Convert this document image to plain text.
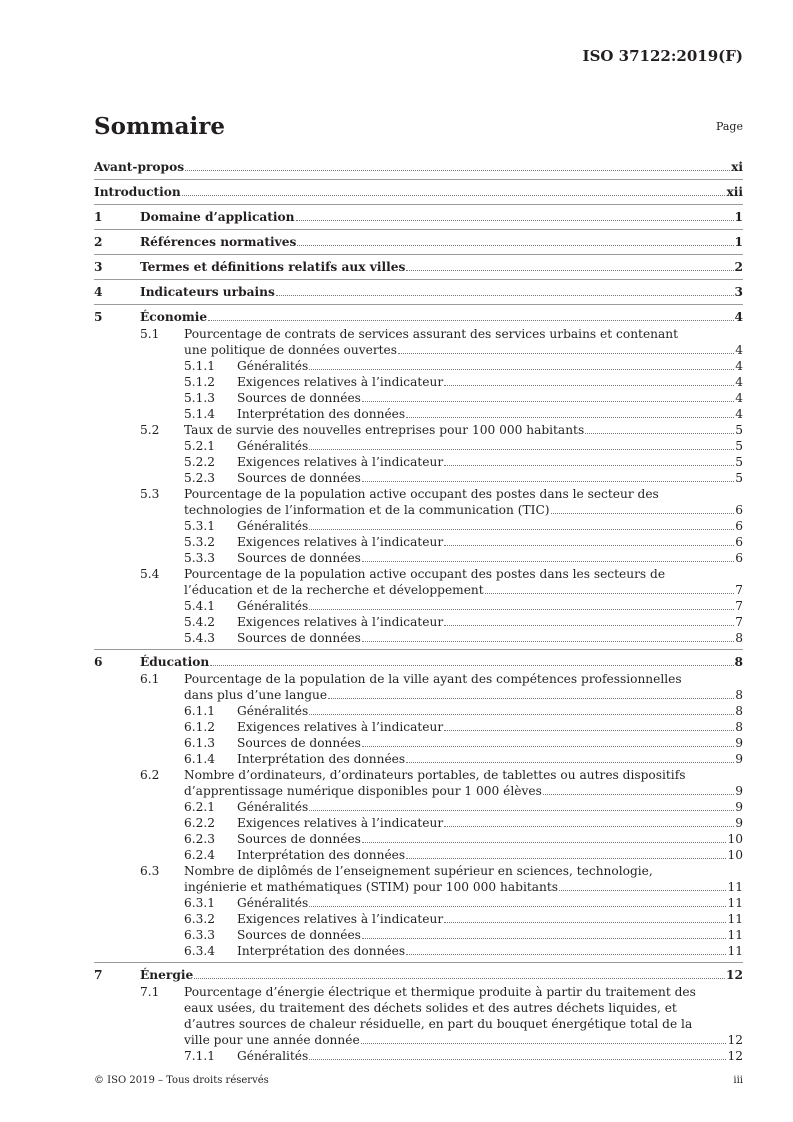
ISO 37122:2019(F)
Sommaire	Page
Avant-propos	xi
Introduction	xii
1	Domaine d’application	1
2	Références normatives	1
3	Termes et définitions relatifs aux villes	2
4	Indicateurs urbains	3
5	Économie	4
5.1	Pourcentage de contrats de services assurant des services urbains et contenant
une politique de données ouvertes	4
5.1.1	Généralités	4
5.1.2	Exigences relatives à l’indicateur	4
5.1.3	Sources de données	4
5.1.4	Interprétation des données	4
5.2	Taux de survie des nouvelles entreprises pour 100 000 habitants	5
5.2.1	Généralités	5
5.2.2	Exigences relatives à l’indicateur	5
5.2.3	Sources de données	5
5.3	Pourcentage de la population active occupant des postes dans le secteur des
technologies de l’information et de la communication (TIC)	6
5.3.1	Généralités	6
5.3.2	Exigences relatives à l’indicateur	6
5.3.3	Sources de données	6
5.4	Pourcentage de la population active occupant des postes dans les secteurs de
l’éducation et de la recherche et développement	7
5.4.1	Généralités	7
5.4.2	Exigences relatives à l’indicateur	7
5.4.3	Sources de données	8
6	Éducation	8
6.1	Pourcentage de la population de la ville ayant des compétences professionnelles
dans plus d’une langue	8
6.1.1	Généralités	8
6.1.2	Exigences relatives à l’indicateur	8
6.1.3	Sources de données	9
6.1.4	Interprétation des données	9
6.2	Nombre d’ordinateurs, d’ordinateurs portables, de tablettes ou autres dispositifs
d’apprentissage numérique disponibles pour 1 000 élèves	9
6.2.1	Généralités	9
6.2.2	Exigences relatives à l’indicateur	9
6.2.3	Sources de données	10
6.2.4	Interprétation des données	10
6.3	Nombre de diplômés de l’enseignement supérieur en sciences, technologie,
ingénierie et mathématiques (STIM) pour 100 000 habitants	11
6.3.1	Généralités	11
6.3.2	Exigences relatives à l’indicateur	11
6.3.3	Sources de données	11
6.3.4	Interprétation des données	11
7	Énergie	12
7.1	Pourcentage d’énergie électrique et thermique produite à partir du traitement des
eaux usées, du traitement des déchets solides et des autres déchets liquides, et
d’autres sources de chaleur résiduelle, en part du bouquet énergétique total de la
ville pour une année donnée	12
7.1.1	Généralités	12
© ISO 2019 – Tous droits réservés	iii
